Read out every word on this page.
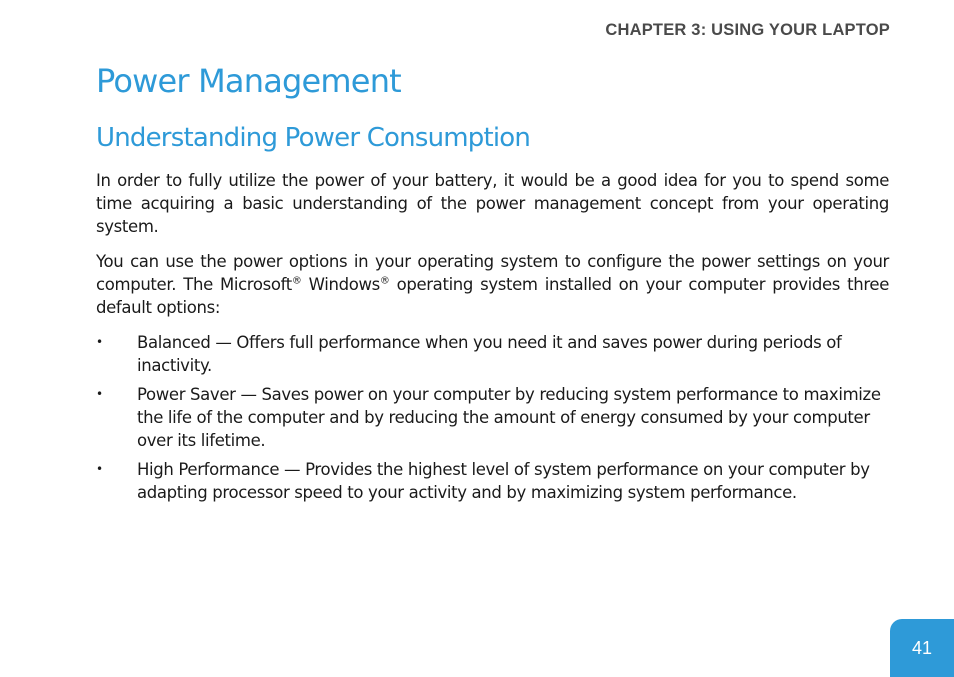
CHAPTER 3: USING YOUR LAPTOP
Power Management
Understanding Power Consumption

In order to fully utilize the power of your battery, it would be a good idea for you to spend some time acquiring a basic understanding of the power management concept from your operating system.

You can use the power options in your operating system to configure the power settings on your computer. The Microsoft® Windows® operating system installed on your computer provides three default options:

• Balanced — Offers full performance when you need it and saves power during periods of inactivity.
• Power Saver — Saves power on your computer by reducing system performance to maximize the life of the computer and by reducing the amount of energy consumed by your computer over its lifetime.
• High Performance — Provides the highest level of system performance on your computer by adapting processor speed to your activity and by maximizing system performance.
41
